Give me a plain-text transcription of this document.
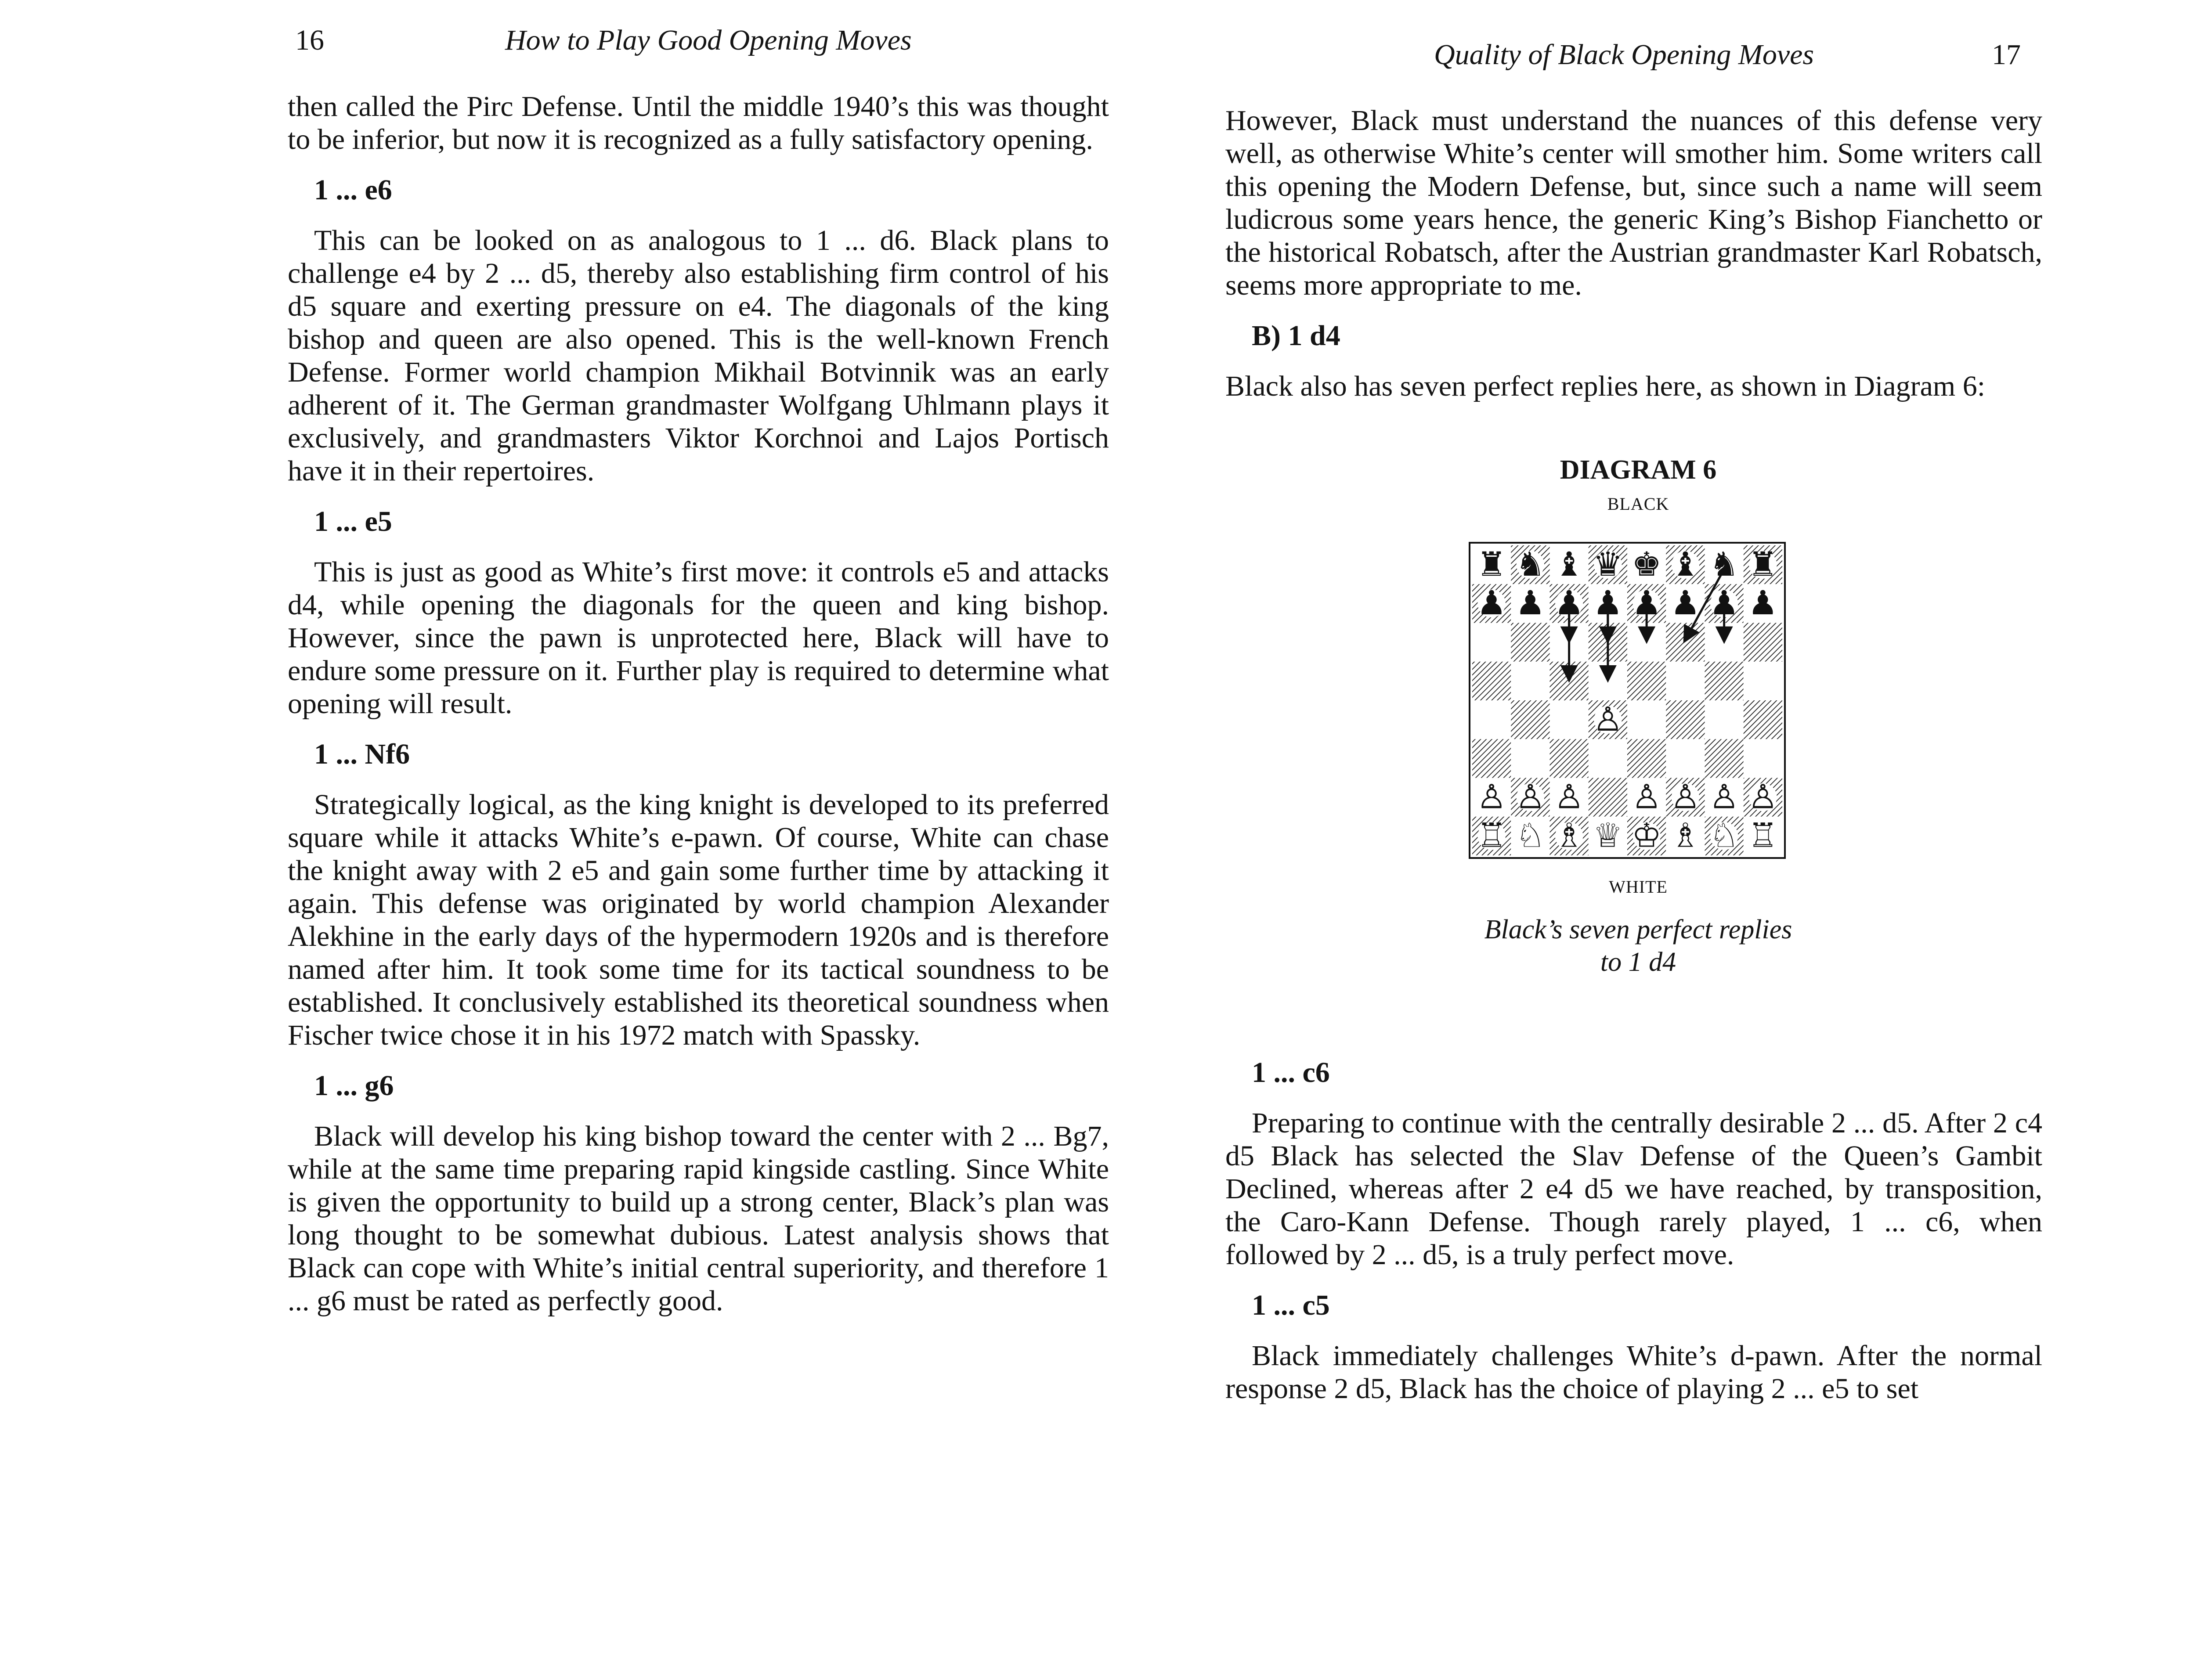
16	How to Play Good Opening Moves

then called the Pirc Defense. Until the middle 1940’s this was thought to be inferior, but now it is recognized as a fully satisfactory opening.

1 ... e6

This can be looked on as analogous to 1 ... d6. Black plans to challenge e4 by 2 ... d5, thereby also establishing firm control of his d5 square and exerting pressure on e4. The diagonals of the king bishop and queen are also opened. This is the well-known French Defense. Former world champion Mikhail Botvinnik was an early adherent of it. The German grandmaster Wolfgang Uhlmann plays it exclusively, and grandmasters Viktor Korchnoi and Lajos Portisch have it in their repertoires.

1 ... e5

This is just as good as White’s first move: it controls e5 and attacks d4, while opening the diagonals for the queen and king bishop. However, since the pawn is unprotected here, Black will have to endure some pressure on it. Further play is required to determine what opening will result.

1 ... Nf6

Strategically logical, as the king knight is developed to its preferred square while it attacks White’s e-pawn. Of course, White can chase the knight away with 2 e5 and gain some further time by attacking it again. This defense was originated by world champion Alexander Alekhine in the early days of the hypermodern 1920s and is therefore named after him. It took some time for its tactical soundness to be established. It conclusively established its theoretical soundness when Fischer twice chose it in his 1972 match with Spassky.

1 ... g6

Black will develop his king bishop toward the center with 2 ... Bg7, while at the same time preparing rapid kingside castling. Since White is given the opportunity to build up a strong center, Black’s plan was long thought to be somewhat dubious. Latest analysis shows that Black can cope with White’s initial central superiority, and therefore 1 ... g6 must be rated as perfectly good.

Quality of Black Opening Moves	17

However, Black must understand the nuances of this defense very well, as otherwise White’s center will smother him. Some writers call this opening the Modern Defense, but, since such a name will seem ludicrous some years hence, the generic King’s Bishop Fianchetto or the historical Robatsch, after the Austrian grandmaster Karl Robatsch, seems more appropriate to me.

B) 1 d4

Black also has seven perfect replies here, as shown in Diagram 6:

DIAGRAM 6
BLACK
♜ ♞ ♝ ♛ ♚ ♝ ♞ ♜
♟ ♟ ♟ ♟ ♟ ♟ ♟ ♟
♙
♙ ♙ ♙ ♙ ♙ ♙ ♙
♖ ♘ ♗ ♕ ♔ ♗ ♘ ♖
WHITE
Black’s seven perfect replies
to 1 d4

1 ... c6

Preparing to continue with the centrally desirable 2 ... d5. After 2 c4 d5 Black has selected the Slav Defense of the Queen’s Gambit Declined, whereas after 2 e4 d5 we have reached, by transposition, the Caro-Kann Defense. Though rarely played, 1 ... c6, when followed by 2 ... d5, is a truly perfect move.

1 ... c5

Black immediately challenges White’s d-pawn. After the normal response 2 d5, Black has the choice of playing 2 ... e5 to set
